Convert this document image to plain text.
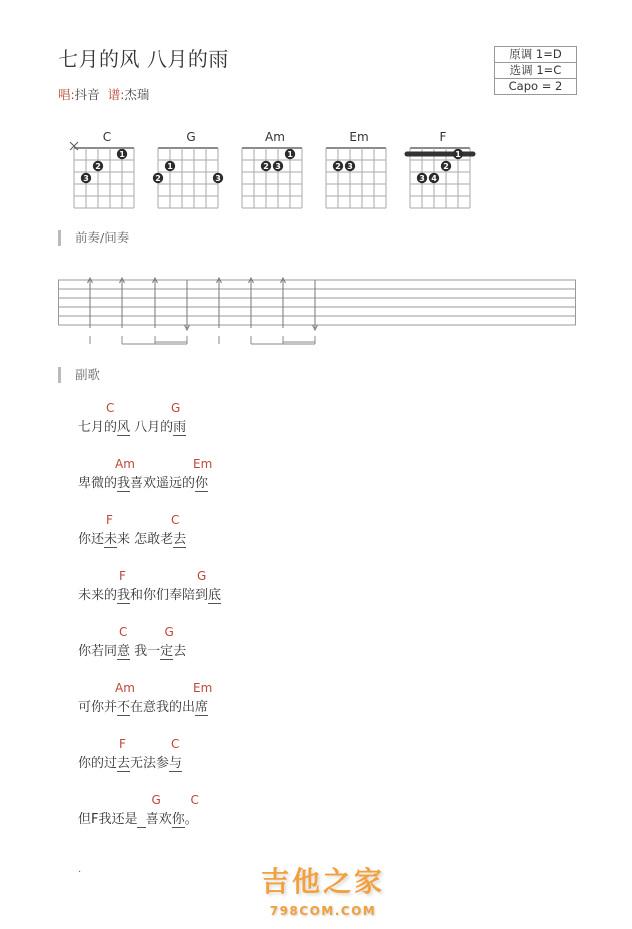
七月的风 八月的雨
唱:抖音 谱:杰瑞
原调 1=D
选调 1=C
Capo = 2
C
1
2
3
G
1
2	3
Am
1
2 3
Em
2 3
F
1
2
3 4
前奏/间奏
副歌
C	G
七月的风 八月的雨
Am	Em
卑微的我喜欢遥远的你
F	C
你还未来 怎敢老去
F	G
未来的我和你们奉陪到底
C	G
你若同意 我一定去
Am	Em
可你并不在意我的出席
F	C
你的过去无法参与
G C
但F我还是 喜欢你。
.	吉他之家
798COM.COM
